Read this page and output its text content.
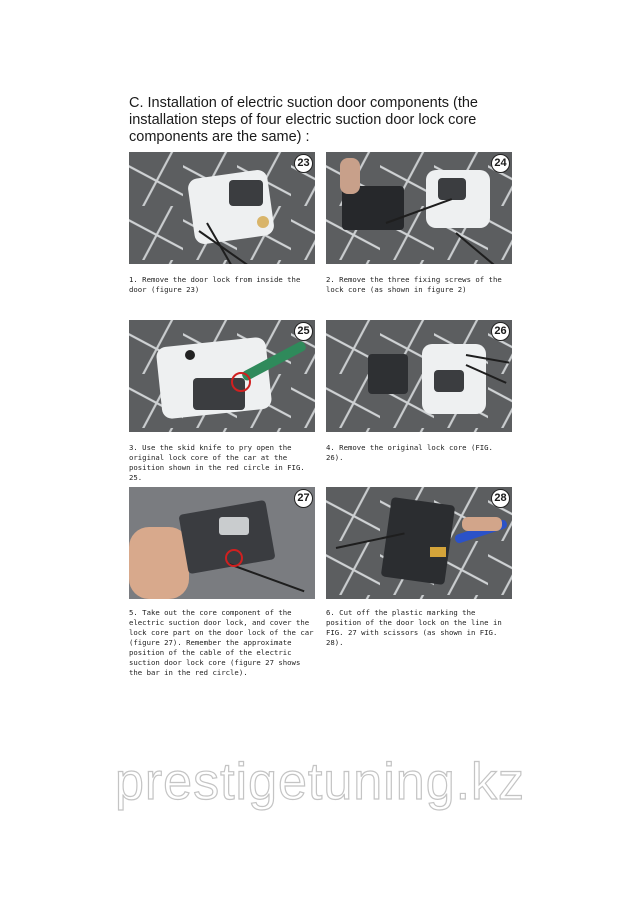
C. Installation of electric suction door components (the installation steps of four electric suction door lock core components are the same) :
23

1. Remove the door lock from inside the door (figure 23)

24

2. Remove the three fixing screws of the lock core (as shown in figure 2)

25

3. Use the skid knife to pry open the original lock core of the car at the position shown in the red circle in FIG. 25.

26

4. Remove the original lock core (FIG. 26).

27

5. Take out the core component of the electric suction door lock, and cover the lock core part on the door lock of the car (figure 27). Remember the approximate position of the cable of the electric suction door lock core (figure 27 shows the bar in the red circle).

28

6. Cut off the plastic marking the position of the door lock on the line in FIG. 27 with scissors (as shown in FIG. 28).

prestigetuning.kz
